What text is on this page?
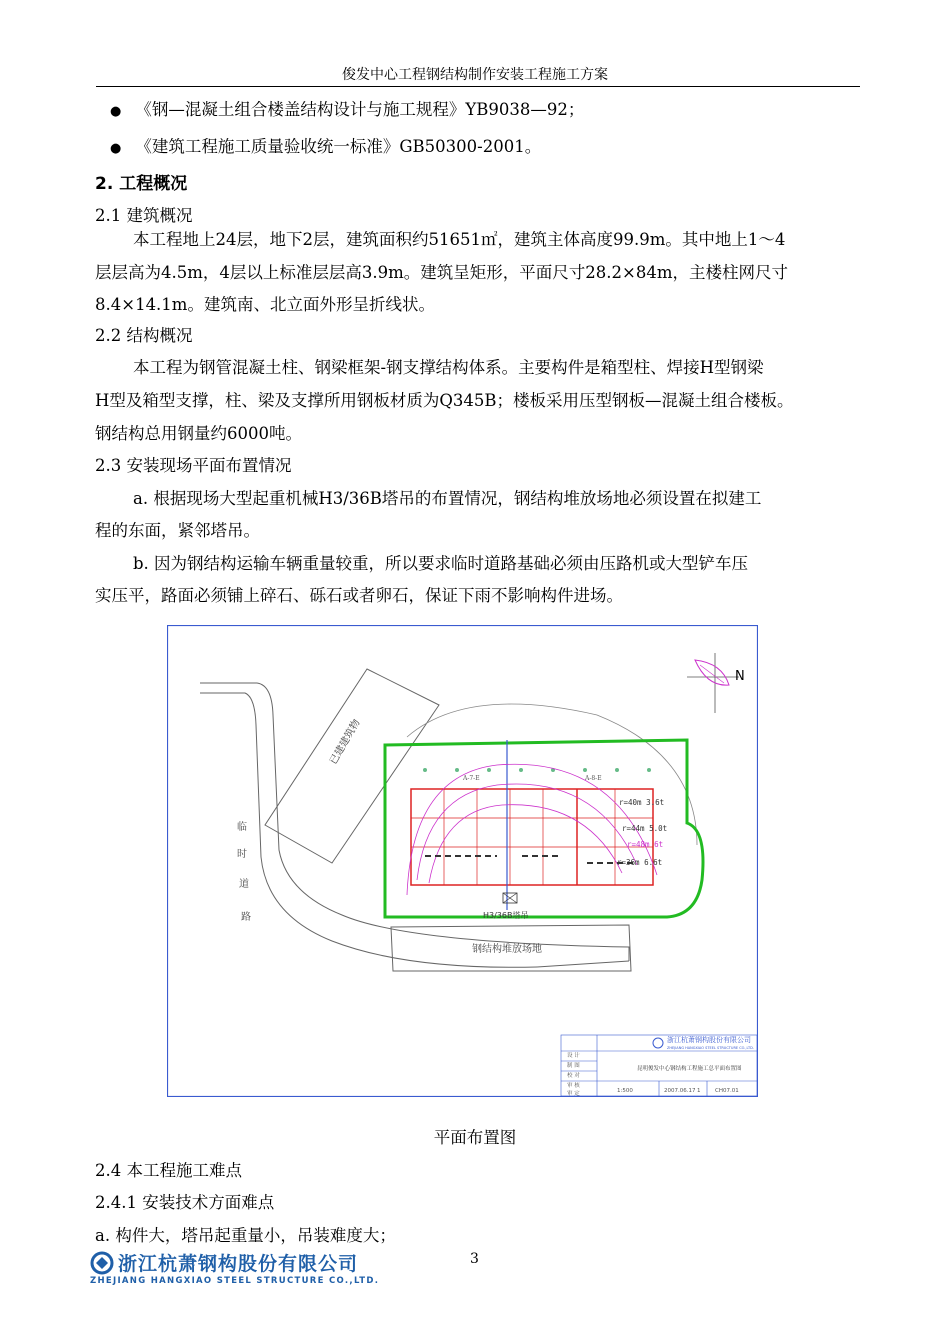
俊发中心工程钢结构制作安装工程施工方案
● 《钢—混凝土组合楼盖结构设计与施工规程》YB9038—92；
● 《建筑工程施工质量验收统一标准》GB50300-2001。
2. 工程概况
2.1 建筑概况
本工程地上24层，地下2层，建筑面积约51651㎡，建筑主体高度99.9m。其中地上1～4
层层高为4.5m，4层以上标准层层高3.9m。建筑呈矩形，平面尺寸28.2×84m，主楼柱网尺寸
8.4×14.1m。建筑南、北立面外形呈折线状。
2.2 结构概况
本工程为钢管混凝土柱、钢梁框架-钢支撑结构体系。主要构件是箱型柱、焊接H型钢梁
H型及箱型支撑，柱、梁及支撑所用钢板材质为Q345B；楼板采用压型钢板—混凝土组合楼板。
钢结构总用钢量约6000吨。
2.3 安装现场平面布置情况
a. 根据现场大型起重机械H3/36B塔吊的布置情况，钢结构堆放场地必须设置在拟建工
程的东面，紧邻塔吊。
b. 因为钢结构运输车辆重量较重，所以要求临时道路基础必须由压路机或大型铲车压
实压平，路面必须铺上碎石、砾石或者卵石，保证下雨不影响构件进场。
N
临
时
道
路
已建建筑物
r=40m 3.6t
r=44m 5.0t
r=48m 6t
r=36m 6.6t
A-7-E	A-8-E
H3/36B塔吊
钢结构堆放场地
浙江杭萧钢构股份有限公司
ZHEJIANG HANGXIAO STEEL STRUCTURE CO.,LTD.
昆明俊发中心钢结构工程施工总平面布置图
设 计
制 图
校 对
审 核
审 定	1:500	2007.06.17 1	CH07.01
平面布置图
2.4 本工程施工难点
2.4.1 安装技术方面难点
a. 构件大，塔吊起重量小，吊装难度大；
浙江杭萧钢构股份有限公司
ZHEJIANG HANGXIAO STEEL STRUCTURE CO.,LTD.
3
